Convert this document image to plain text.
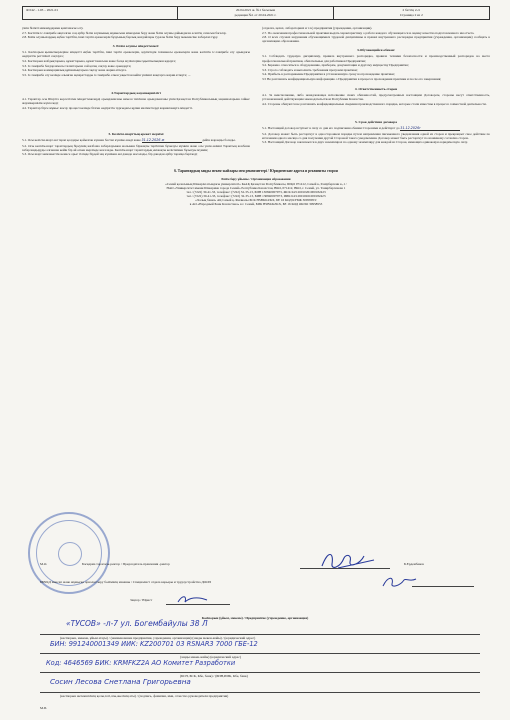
Ф 042 - 1.03 – 2021-01	20.04.2021 ж. №1 басылым
редакция №1 от 20.04.2021 г.
2 беттің 2-сі
Страница 2 из 2
үшін білікті маманұдармен қамтамасыз ету.
2.7. Кәсіптік іс-тәжірибе аяқталған соң әрбір білім алушының жұмысына мінездеме беру және білім алушы дайындаған есептің сапасын бағалау.
2.8. Білім алушылардың еңбек тәртібін, ішкі тәртіп ережелерін бұзуының барлық жағдайлары туралы білім беру мекемесіне хабарлап тұру.
3. Білім алушы міндеттемесі:
3.1. Кәсіпорын қызметкерлеріне міндетті еңбек тәртібін, ішкі тәртіп ережелерін, қауіпсіздік техникасы ережелерін және кәсіптік іс-тәжірибе өту орындағы өндірістік реттілікті сақтауға;
3.2. Кәсіпорын жабдықтарына, құжаттарына, құжаттамасына және басқа мүліктеріне ұқыптылықпен қарауға;
3.3. Іс-тәжірибе бағдарламасы талаптарына сай қатаң сақтау және орындауға;
3.4. Кәсіпорын коммерциялық құпиялықтарын сақтау және жария етпеуге.
3.5. Іс-тәжірибе өту кезінде алынған ақпараттарды іс-тәжірибе өткен уақыттан кейін үшінші жақтарға жария етпеуге; ...
4.Тараптардың жауапкершілігі
4.1. Тараптар осы Шартта көрсетілген міндеттемелерді орындамағаны немесе тиісінше орындамағаны үшін Қазақстан Республикасының заңнамаларына сәйкес жауапкершілік жүктеледі;
4.2. Тараптар бірге жұмыс жасау процесі кезінде білген өндірістік тұрғыдағы құпия мәліметтерді жарияламауға міндетті.
5. Келісім-шарттың әрекет мерзімі
5.1. Осы келісім-шарт екі тарап қолдары қойылған күннен бастап күшіне енеді және 31.12.2026 ж	дейін жарамды болады.
5.2. Осы келісім-шарт тараптардың біреуінің жазбаша хабарлауымен жолымен біржақты тәртіппен бұзылуы мүмкін және осы үшін екінші Тараптың жазбаша хабарландыруды алғаннан кейін бір ай өткен мерзімде жоғалады. Келісім-шарт тараптардың екіжақты келісімімен бұзылуы мүмкін;
5.3. Осы шарт мемлекеттік немесе орыс тілінде бірдей заң күшімен екі данада жасалады, бір данадан әрбір тарапқа беріледі;
(отделах, цехах, лабораториях и т.п.) предприятия (учреждения, организации).
2.7. По окончании профессиональной практики выдать характеристику о работе каждого обучающегося и оценку качества подготовленного им отчета.
2.8. О всех случаях нарушения обучающимися трудовой дисциплины и правил внутреннего распорядка предприятия (учреждения, организации) сообщать в организацию образования.
3.Обучающийся обязан:
3.1. Соблюдать трудовую дисциплину, правила внутреннего распорядка, правила техники безопасности и производственный распорядок на месте профессиональной практики, обязательные для работников Предприятия;
3.2. Бережно относиться к оборудованию, приборам, документации и другому имуществу Предприятия;
3.3. Строго соблюдать и выполнять требования программ практики;
3.4. Прибыть в распоряжение Предприятия в установленную сроку на прохождение практики;
3.5 Не разглашать конфиденциальную информацию о Предприятии в процессе прохождения практики и после его завершения;
4. Ответственность сторон
4.1. За неисполнение, либо ненадлежащее исполнение своих обязанностей, предусмотренных настоящим Договором, стороны несут ответственность, установленной действующим законодательством Республики Казахстан.
4.2. Стороны обязуются не разглашать конфиденциальные сведения производственного порядка, которые стали известны в процессе совместной деятельности.
5. Срок действия договора
5.1. Настоящий договор вступает в силу со дня его подписания обеими Сторонами и действует до 31.12.2026г
5.2. Договор может быть расторгнут в одностороннем порядке путем направления письменного уведомления одной из сторон и прекращает свое действие по истечении одного месяца со дня получения другой Стороной такого уведомления. Договор может быть расторгнут по взаимному согласию сторон.
5.3. Настоящий Договор заключается в двух экземплярах по одному экземпляру для каждой из Сторон, имеющих одинаковую юридическую силу.
6. Тараптардың заңды мекен-жайлары мен реквизиттері / Юридические адреса и реквизиты сторон
Білім беру ұйымы / Организация образования
«Семей қаласының Шәкәрім атындағы университеті» КеАҚ Қазақстан Республикасы, ШҚО 071412, Семей к.,Танірбергенн к.,1 /
НАО «Университет имени Шакарима города Семей» Республика Казахстан, ВКО, 071412, ВКО, г. Семей, ул. Танирбергенова 1
тел.: (7222) 30-41-33, телефакс: (7222) 32-35-13, БИН 130840007973, ЖСК KZ126010261000182423
тел.: (7222) 30-41-33, телефакс: (7222) 32-35-13, БИН 130840007973, ИИК KZ126010261000182423
«Халық банкі» АҚ Семей қ. Филиалы БСК HSBKKZKX, БЕ 16 КОД КҮБЖ 30958953/
в АО «Народный Банк Казахстана» в г. Семей, БИК HSBKKZKX, БЕ 16 КОД ОКПО 30958953
М.О.	Басқарма төрағасы-ректор / Председатель правления -ректор	Б.Ердембеков
ББҰҚД мансап және жұмысқа орналастыру бөлімінің маманы / Специалист отдела карьеры и трудоустройства ДООП
Заңгер / Юрист
Кәсіпорын (ұйым, мекеме) / Предприятие (учреждение, организация)
«ТУСОВ» -л-7 ул. Богембайулы 38 Л
(кәсіпорын, мекеме, ұйым атауы) / (наименование предприятия, учреждения, организации) (заңды мекен-жайы) / (юридический адрес)
БИН: 991240001349 ИИК: KZ200701 03 RSNAR3 7000 ГБЕ-12
(заңды мекен-жайы) (юридический адрес)
Код: 4646569 БИК: KRMFKZ2A АО Комитет Разработки
(БСН, БСК, Кбе, банк) / (БИН,ИИК, Кбе, банк)
Сосин Лесова Снетлана Григорьевна
(кәсіпорын жетекшісінің қолы,тегі,аты,әкесінің аты) / (подпись, фамилия, имя, отчество руководителя предприятия)
М.П.
